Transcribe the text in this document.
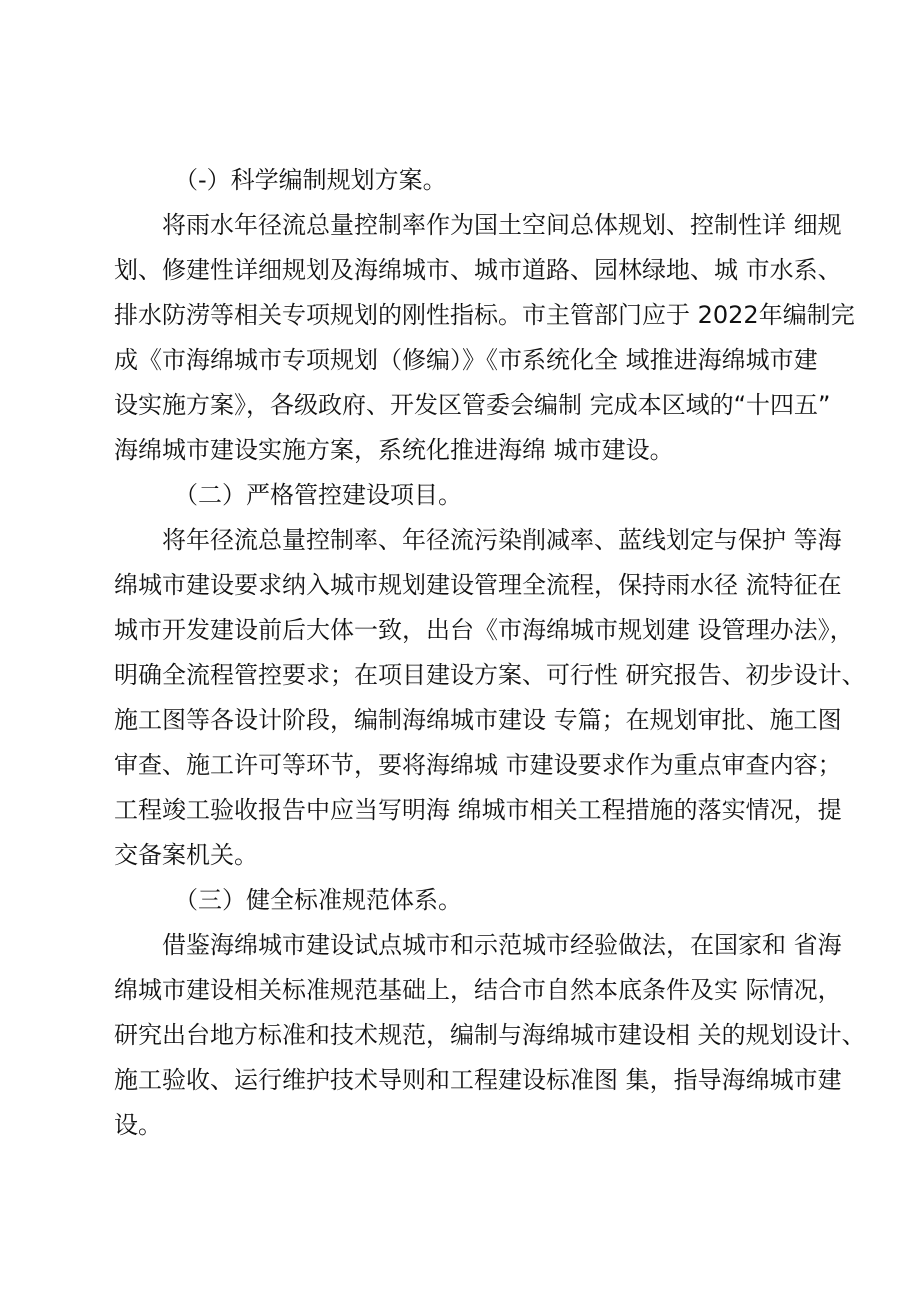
（-）科学编制规划方案。
将雨水年径流总量控制率作为国土空间总体规划、控制性详 细规
划、修建性详细规划及海绵城市、城市道路、园林绿地、城 市水系、
排水防涝等相关专项规划的刚性指标。市主管部门应于 2022年编制完
成《市海绵城市专项规划（修编）》《市系统化全 域推进海绵城市建
设实施方案》，各级政府、开发区管委会编制 完成本区域的“十四五”
海绵城市建设实施方案，系统化推进海绵 城市建设。
（二）严格管控建设项目。
将年径流总量控制率、年径流污染削减率、蓝线划定与保护 等海
绵城市建设要求纳入城市规划建设管理全流程，保持雨水径 流特征在
城市开发建设前后大体一致，出台《市海绵城市规划建 设管理办法》，
明确全流程管控要求；在项目建设方案、可行性 研究报告、初步设计、
施工图等各设计阶段，编制海绵城市建设 专篇；在规划审批、施工图
审查、施工许可等环节，要将海绵城 市建设要求作为重点审查内容；
工程竣工验收报告中应当写明海 绵城市相关工程措施的落实情况，提
交备案机关。
（三）健全标准规范体系。
借鉴海绵城市建设试点城市和示范城市经验做法，在国家和 省海
绵城市建设相关标准规范基础上，结合市自然本底条件及实 际情况，
研究出台地方标准和技术规范，编制与海绵城市建设相 关的规划设计、
施工验收、运行维护技术导则和工程建设标准图 集，指导海绵城市建
设。
